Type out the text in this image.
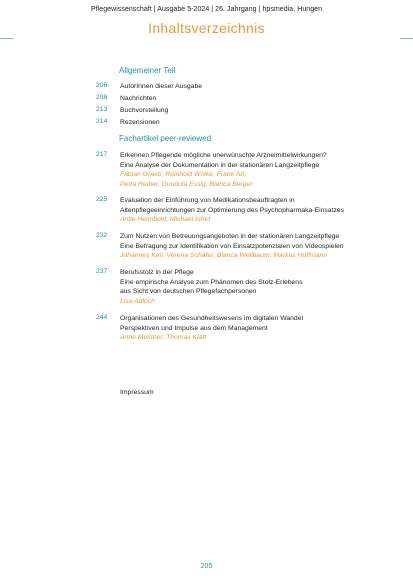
Pflegewissenschaft | Ausgabe 5-2024 | 26. Jahrgang | hpsmedia, Hungen
Inhaltsverzeichnis
Allgemeiner Teil
206	AutorInnen dieser Ausgabe
208	Nachrichten
213	Buchvorstellung
214	Rezensionen
Fachartikel peer-reviewed
217	Erkennen Pflegende mögliche unerwünschte Arzneimittelwirkungen?
Eine Analyse der Dokumentation in der stationären Langzeitpflege
Fabian Graeb, Reinhold Wolke, Frank Aß,
Petra Reiber, Gundula Essig, Bianca Berger
225	Evaluation der Einführung von Medikationsbeauftragten in
Altenpflegeeinrichtungen zur Optimierung des Psychopharmaka-Einsatzes
Antie Heimbold, Michael Isfort
232	Zum Nutzen von Betreuungsangeboten in der stationären Langzeitpflege
Eine Befragung zur Identifikation von Einsatzpotenzialen von Videospielen
Johannes Keil, Verena Schäfer, Bianca Wellbaum, Markus Hoffmann
237	Berufsstolz in der Pflege
Eine empirische Analyse zum Phänomen des Stolz-Erlebens
aus Sicht von deutschen Pflegefachpersonen
Lisa Adloch
244	Organisationen des Gesundheitswesens im digitalen Wandel
Perspektiven und Impulse aus dem Management
Anne Meißner, Thomas Klatt
Impressum
205
